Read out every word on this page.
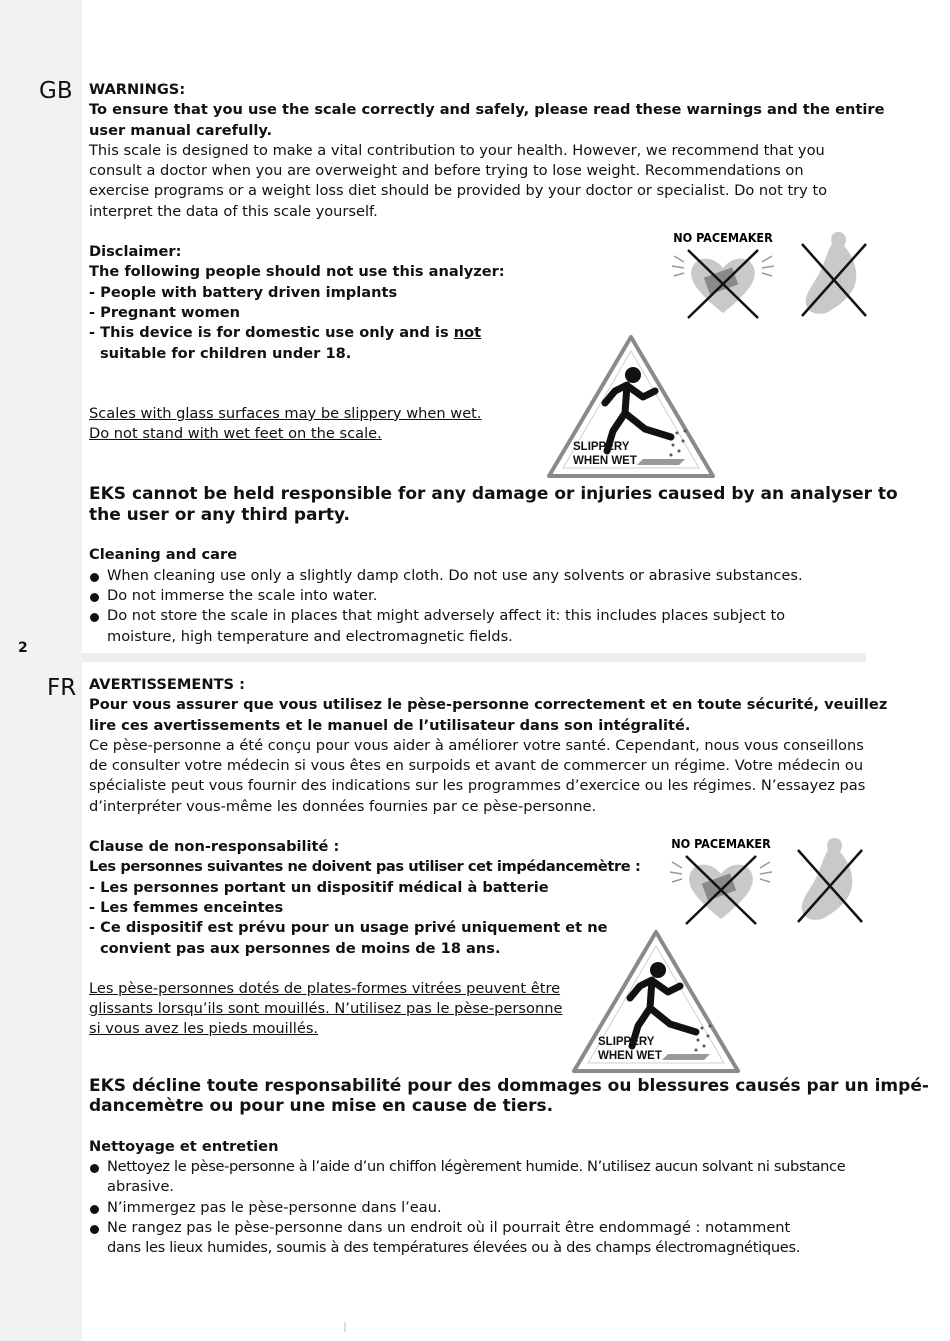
2
GB WARNINGS:

To ensure that you use the scale correctly and safely, please read these warnings and the entire

user manual carefully.

This scale is designed to make a vital contribution to your health. However, we recommend that you

consult a doctor when you are overweight and before trying to lose weight. Recommendations on

exercise programs or a weight loss diet should be provided by your doctor or specialist. Do not try to

interpret the data of this scale yourself.

Disclaimer:

The following people should not use this analyzer:

- People with battery driven implants

- Pregnant women

- This device is for domestic use only and is not

suitable for children under 18.

Scales with glass surfaces may be slippery when wet.

Do not stand with wet feet on the scale.

EKS cannot be held responsible for any damage or injuries caused by an analyser to

the user or any third party.

Cleaning and care

When cleaning use only a slightly damp cloth. Do not use any solvents or abrasive substances.

Do not immerse the scale into water.

Do not store the scale in places that might adversely affect it: this includes places subject to

moisture, high temperature and electromagnetic fields.

NO PACEMAKER
SLIPPERY
WHEN WET
FR AVERTISSEMENTS :

Pour vous assurer que vous utilisez le pèse-personne correctement et en toute sécurité, veuillez

lire ces avertissements et le manuel de l’utilisateur dans son intégralité.

Ce pèse-personne a été conçu pour vous aider à améliorer votre santé. Cependant, nous vous conseillons

de consulter votre médecin si vous êtes en surpoids et avant de commercer un régime. Votre médecin ou

spécialiste peut vous fournir des indications sur les programmes d’exercice ou les régimes. N’essayez pas

d’interpréter vous-même les données fournies par ce pèse-personne.

Clause de non-responsabilité :

Les personnes suivantes ne doivent pas utiliser cet impédancemètre :

- Les personnes portant un dispositif médical à batterie

- Les femmes enceintes

- Ce dispositif est prévu pour un usage privé uniquement et ne

convient pas aux personnes de moins de 18 ans.

Les pèse-personnes dotés de plates-formes vitrées peuvent être

glissants lorsqu’ils sont mouillés. N’utilisez pas le pèse-personne

si vous avez les pieds mouillés.

EKS décline toute responsabilité pour des dommages ou blessures causés par un impé-

dancemètre ou pour une mise en cause de tiers.

Nettoyage et entretien

Nettoyez le pèse-personne à l’aide d’un chiffon légèrement humide. N’utilisez aucun solvant ni substance

abrasive.

N’immergez pas le pèse-personne dans l’eau.

Ne rangez pas le pèse-personne dans un endroit où il pourrait être endommagé : notamment

dans les lieux humides, soumis à des températures élevées ou à des champs électromagnétiques.

NO PACEMAKER
SLIPPERY
WHEN WET
